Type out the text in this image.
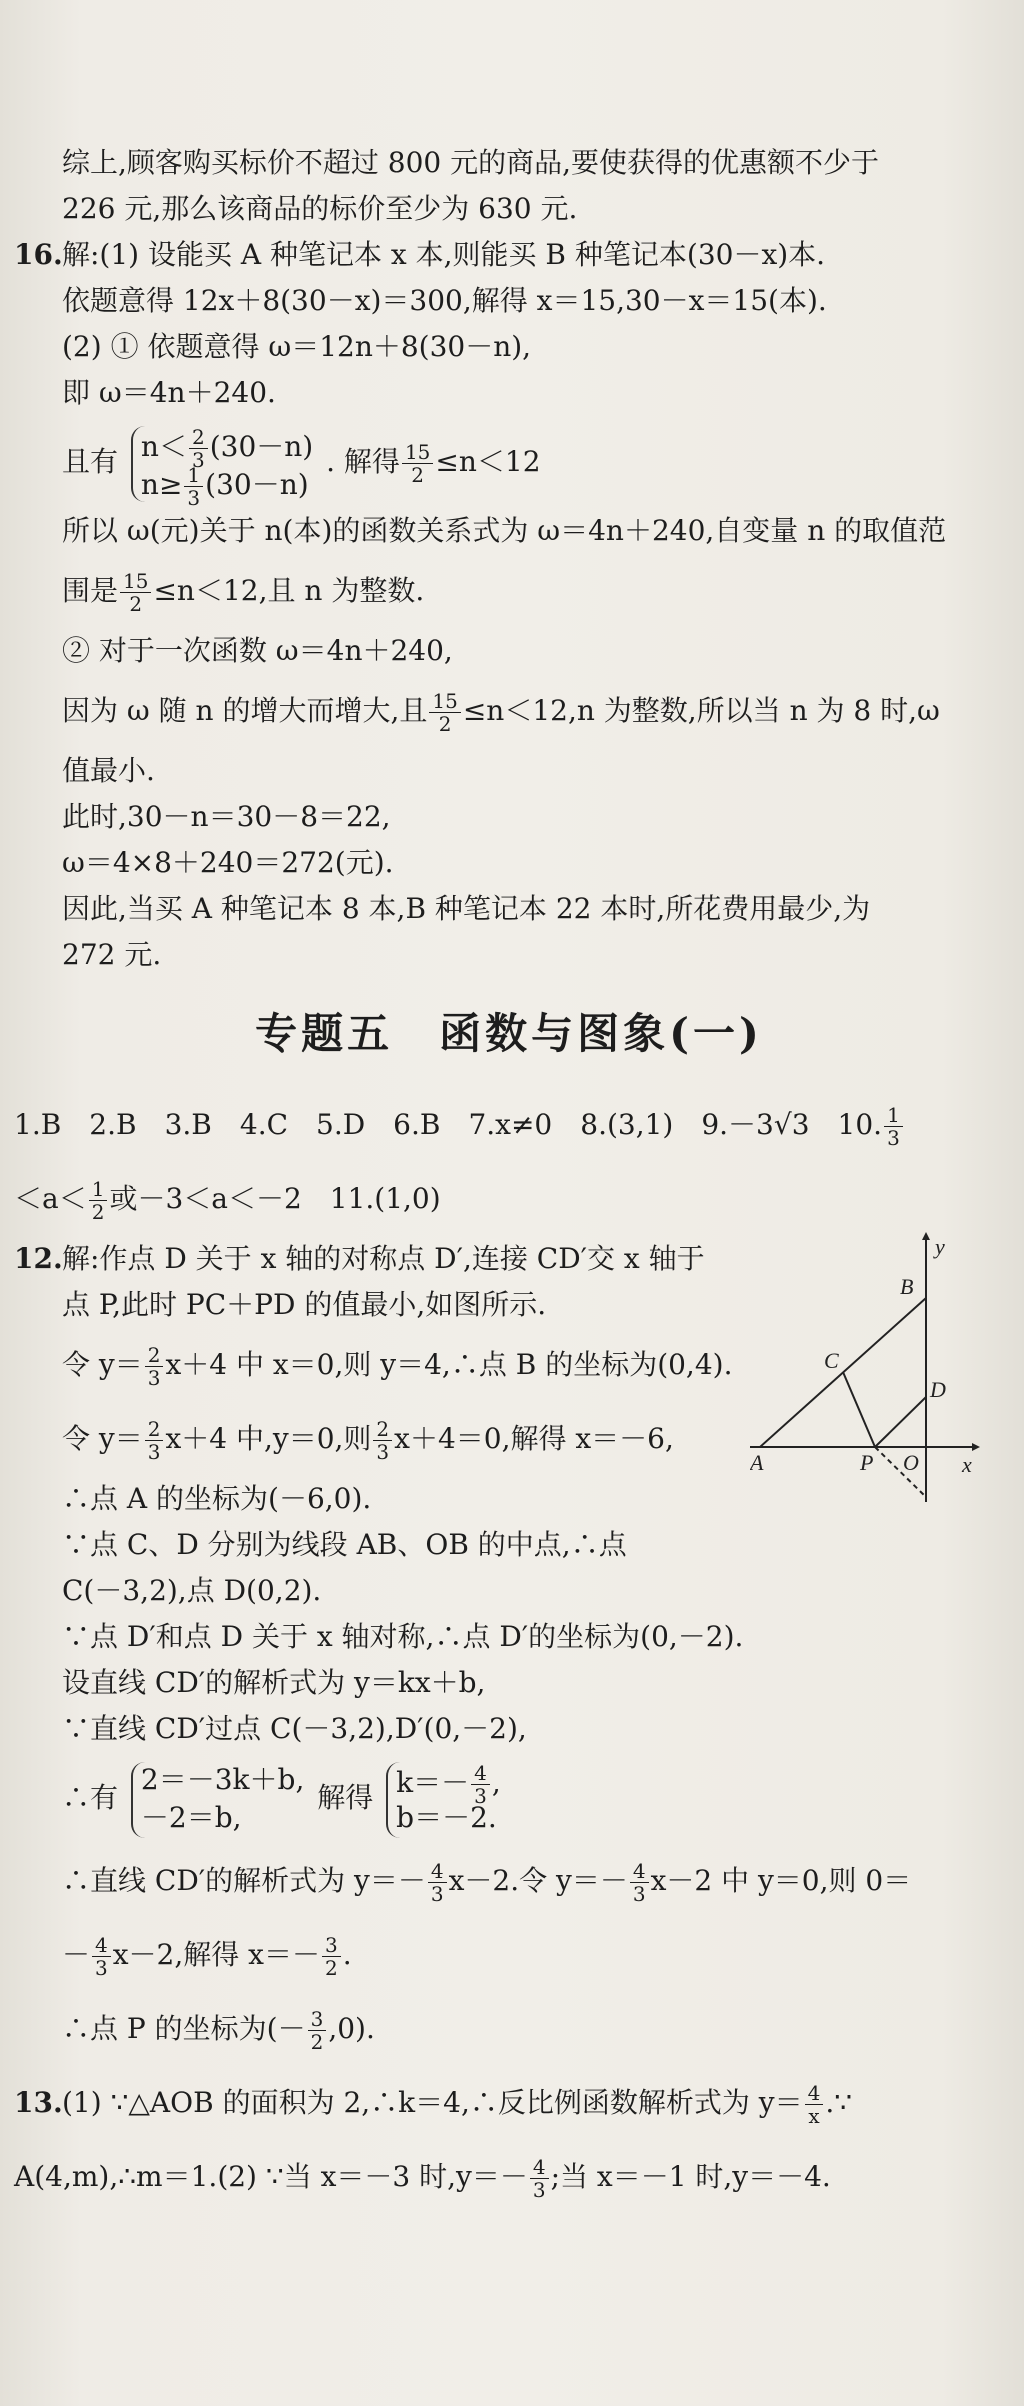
综上,顾客购买标价不超过 800 元的商品,要使获得的优惠额不少于
226 元,那么该商品的标价至少为 630 元.
16.解:(1) 设能买 A 种笔记本 x 本,则能买 B 种笔记本(30－x)本.
依题意得 12x＋8(30－x)＝300,解得 x＝15,30－x＝15(本).
(2) ① 依题意得 ω＝12n＋8(30－n),
即 ω＝4n＋240.
且有 $n< \frac{2}{3} (30-n)$
$n\ge \frac{1}{3} (30-n)$
. 解得 $\frac{15}{2} \le n<12$
所以 ω(元)关于 n(本)的函数关系式为 ω＝4n＋240,自变量 n 的取值范
围是 $\frac{15}{2} \le n<12$,且 n 为整数.
② 对于一次函数 ω＝4n＋240,
因为 ω 随 n 的增大而增大,且 $\frac{15}{2} \le n<12,n$ 为整数,所以当 n 为 8 时,ω
值最小.
此时,30－n＝30－8＝22,
ω＝4×8＋240＝272(元).
因此,当买 A 种笔记本 8 本,B 种笔记本 22 本时,所花费用最少,为
272 元.
专题五　函数与图象(一)
1.B　2.B　3.B　4.C　5.D　6.B　7.x≠0　8.(3,1)　9.－3√3　10. $\frac{1}{3}$
$<a< \frac{1}{2}$ 或－3＜a＜－2　11.(1,0)
12.解:作点 D 关于 x 轴的对称点 D′,连接 CD′交 x 轴于
点 P,此时 PC＋PD 的值最小,如图所示.
令 $y= \frac{2}{3} x+4$ 中 x＝0,则 y＝4,∴点 B 的坐标为(0,4).
令 $y= \frac{2}{3} x+4$ 中,y＝0,则 $\frac{2}{3} x+4=0$,解得 x＝－6,
∴点 A 的坐标为(－6,0).
∵点 C、D 分别为线段 AB、OB 的中点,∴点
C(－3,2),点 D(0,2).
∵点 D′和点 D 关于 x 轴对称,∴点 D′的坐标为(0,－2).
设直线 CD′的解析式为 y＝kx＋b,
∵直线 CD′过点 C(－3,2),D′(0,－2),
∴有
2＝－3k＋b,
－2＝b,
解得 $k=- \frac{4}{3}$ ,
b＝－2.
∴直线 CD′的解析式为 $y=- \frac{4}{3} x-2$.令 $y=- \frac{4}{3} x-2$ 中 y＝0,则 0＝
－ $\frac{4}{3} x-2$,解得 $x=- \frac{3}{2}$ .
∴点 P 的坐标为(－ $\frac{3}{2} ,0$).
13.(1) ∵△AOB 的面积为 2,∴k＝4,∴反比例函数解析式为 $y= \frac{4}{x}$ .∵
A(4,m),∴m＝1.(2) ∵当 x＝－3 时$,y=- \frac{4}{3}$ ;当 x＝－1 时,y＝－4.
y
x
B
C
D
A	P O
